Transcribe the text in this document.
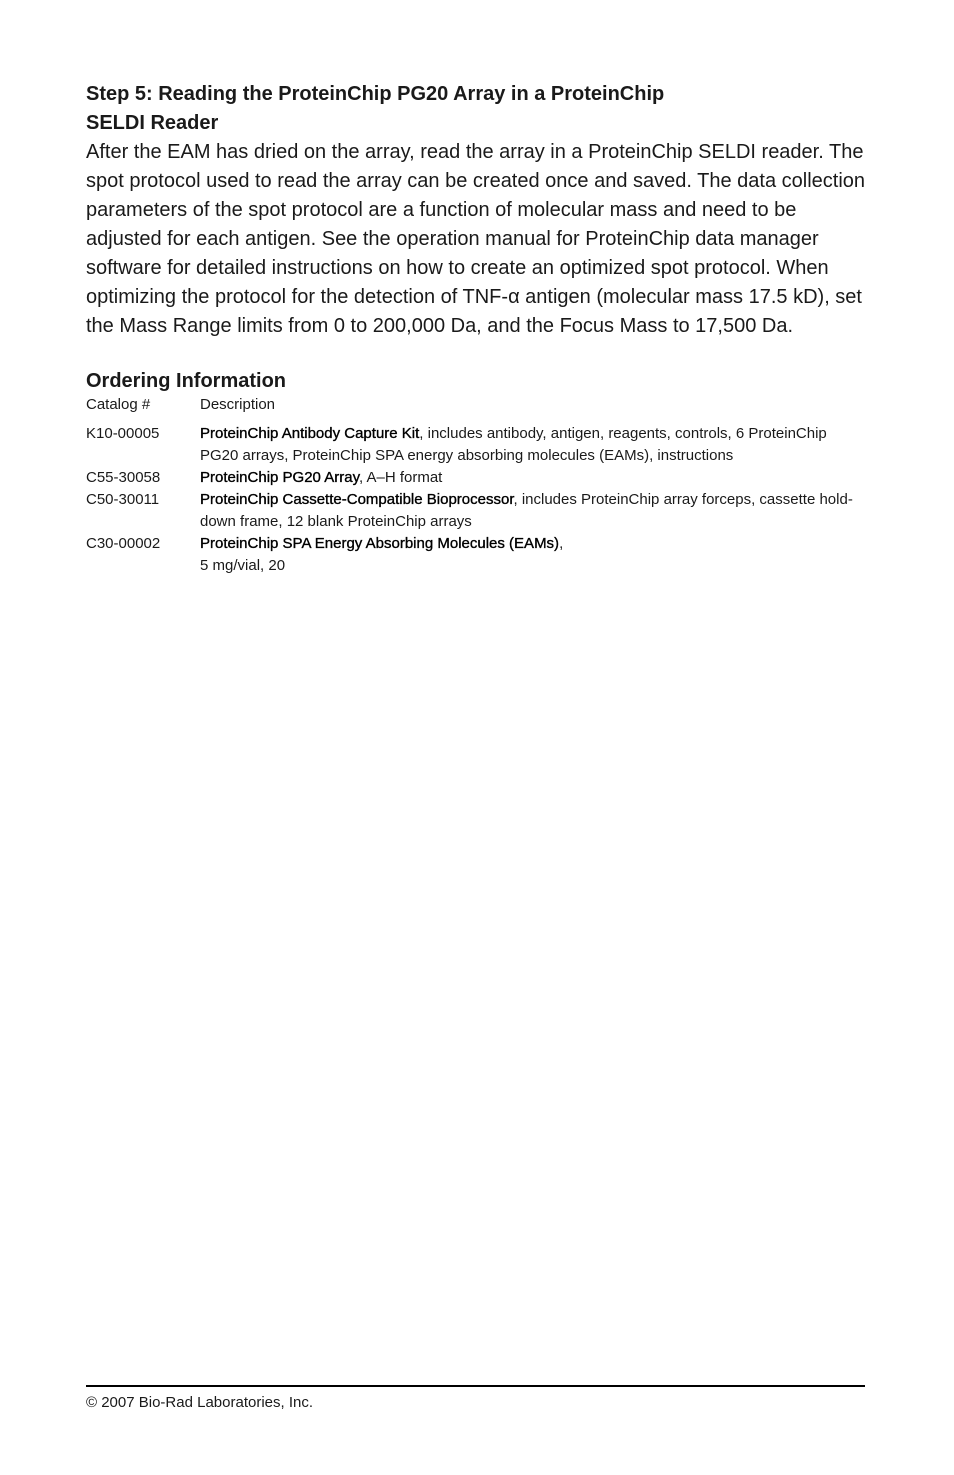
Step 5: Reading the ProteinChip PG20 Array in a ProteinChip
SELDI Reader

After the EAM has dried on the array, read the array in a ProteinChip SELDI reader. The spot protocol used to read the array can be created once and saved. The data collection parameters of the spot protocol are a function of molecular mass and need to be adjusted for each antigen. See the operation manual for ProteinChip data manager software for detailed instructions on how to create an optimized spot protocol. When optimizing the protocol for the detection of TNF-α antigen (molecular mass 17.5 kD), set the Mass Range limits from 0 to 200,000 Da, and the Focus Mass to 17,500 Da.

Ordering Information
Catalog #	Description
K10-00005	ProteinChip Antibody Capture Kit, includes antibody, antigen, reagents, controls, 6 ProteinChip PG20 arrays, ProteinChip SPA energy absorbing molecules (EAMs), instructions
C55-30058	ProteinChip PG20 Array, A–H format
C50-30011	ProteinChip Cassette-Compatible Bioprocessor, includes ProteinChip array forceps, cassette hold-down frame, 12 blank ProteinChip arrays
C30-00002	ProteinChip SPA Energy Absorbing Molecules (EAMs),
5 mg/vial, 20
© 2007 Bio-Rad Laboratories, Inc.
